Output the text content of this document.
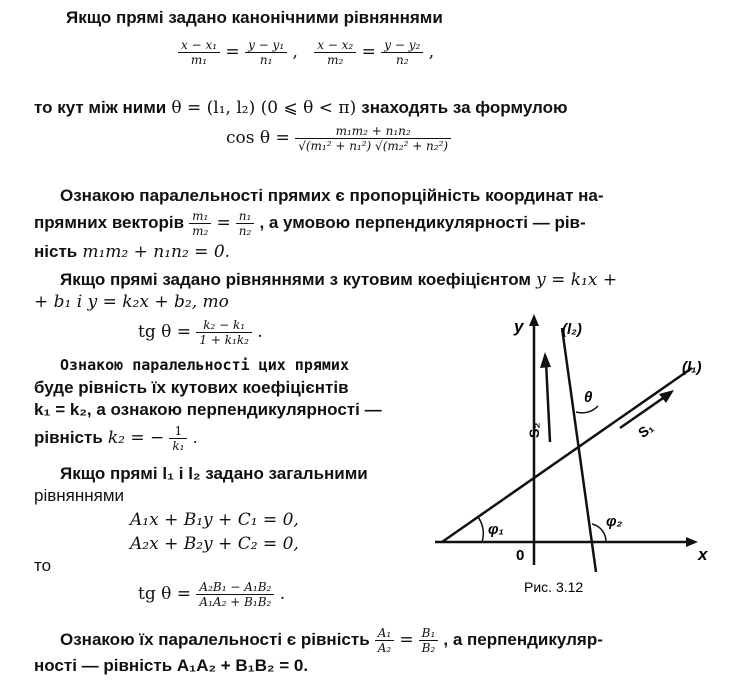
Якщо прямі задано канонічними рівняннями
$\frac{\text{x − x₁}}{\text{m₁}} = \frac{\text{y − y₁}}{\text{n₁}}$ , $\frac{\text{x − x₂}}{\text{m₂}} = \frac{\text{y − y₂}}{\text{n₂}}$ ,
то кут між ними θ = (l₁, l₂) (0 ⩽ θ < π) знаходять за формулою
$\cos \theta = \frac{\text{m₁m₂ + n₁n₂}}{\text{√(m₁² + n₁²) √(m₂² + n₂²)}}$
Ознакою паралельності прямих є пропорційність координат на-
прямних векторів $\frac{\text{m₁}}{\text{m₂}} = \frac{\text{n₁}}{\text{n₂}}$ , а умовою перпендикулярності — рів-
ність m₁m₂ + n₁n₂ = 0.
Якщо прямі задано рівняннями з кутовим коефіцієнтом y = k₁x +
+ b₁ і y = k₂x + b₂, то
tg $\theta = \frac{\text{k₂ − k₁}}{\text{1 + k₁k₂}}$ .
Ознакою паралельності цих прямих
буде рівність їх кутових коефіцієнтів
k₁ = k₂, а ознакою перпендикулярності —
рівність k₂ = − $\frac{1}{\text{k₁}}$ .
Якщо прямі l₁ і l₂ задано загальними
рівняннями
A₁x + B₁y + C₁ = 0,
A₂x + B₂y + C₂ = 0,
то
tg $\theta = \frac{\text{A₂B₁ − A₁B₂}}{\text{A₁A₂ + B₁B₂}}$ .
Ознакою їх паралельності є рівність $\frac{\text{A₁}}{\text{A₂}} = \frac{\text{B₁}}{\text{B₂}}$ , а перпендикуляр-
ності — рівність A₁A₂ + B₁B₂ = 0.
y
x
0
(l₂)
(l₁)
θ
S₂	S₁
φ₁	φ₂
Рис. 3.12
